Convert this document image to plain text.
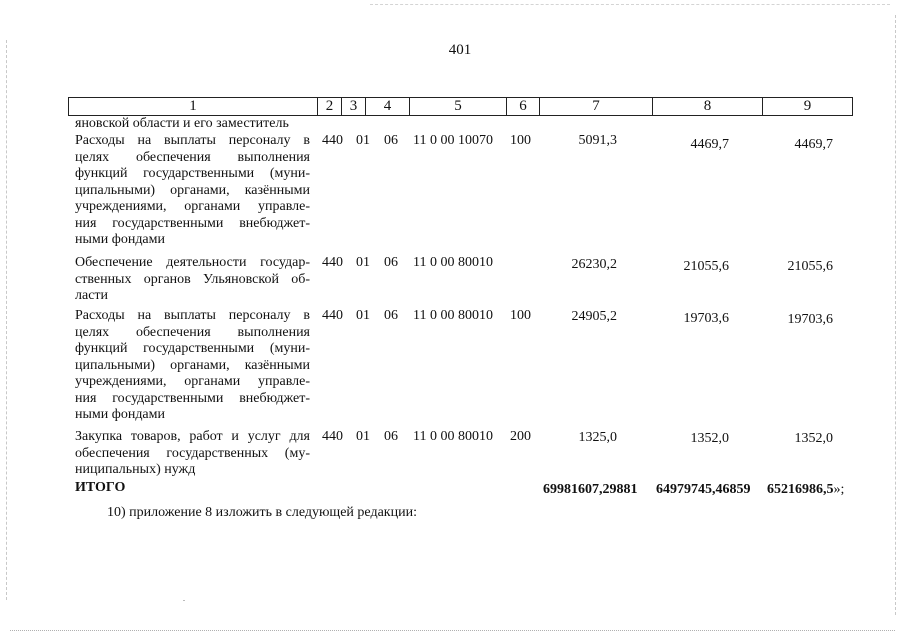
401
1	2	3	4	5	6	7	8	9
яновской области и его заместитель
Расходы на выплаты персоналу в
целях обеспечения выполнения
функций государственными (муни-
ципальными) органами, казёнными
учреждениями, органами управле-
ния государственными внебюджет-
ными фондами
440 01 06 11 0 00 10070 100	5091,3	4469,7	4469,7
Обеспечение деятельности государ-
ственных органов Ульяновской об-
ласти
440 01 06 11 0 00 80010	26230,2	21055,6	21055,6
Расходы на выплаты персоналу в
целях обеспечения выполнения
функций государственными (муни-
ципальными) органами, казёнными
учреждениями, органами управле-
ния государственными внебюджет-
ными фондами
440 01 06 11 0 00 80010 100	24905,2	19703,6	19703,6
Закупка товаров, работ и услуг для
обеспечения государственных (му-
ниципальных) нужд
440 01 06 11 0 00 80010 200	1325,0	1352,0	1352,0
ИТОГО	69981607,29881 64979745,46859 65216986,5»;
10) приложение 8 изложить в следующей редакции:
